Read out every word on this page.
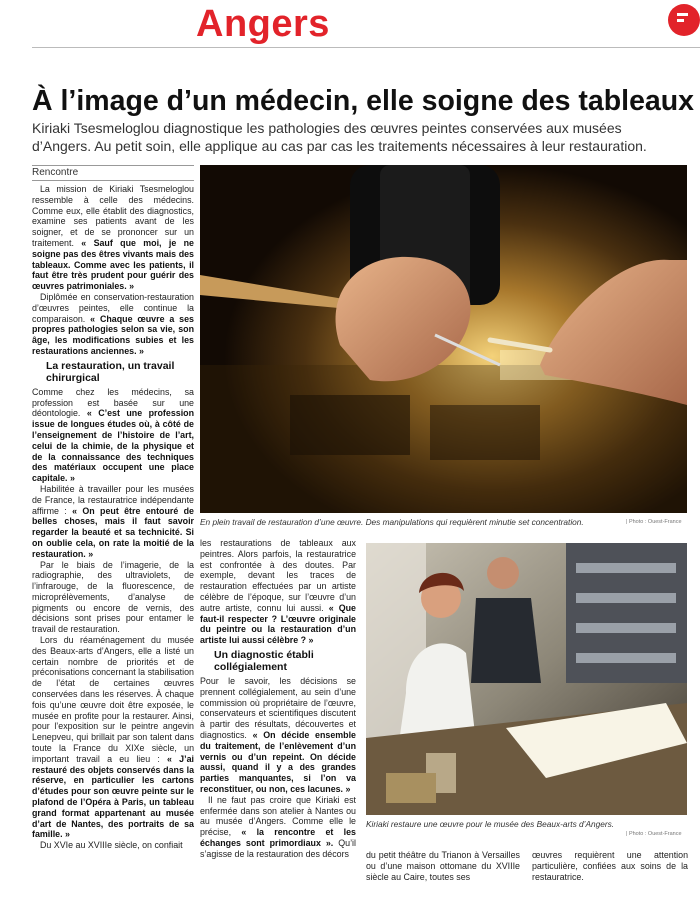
Angers
À l’image d’un médecin, elle soigne des tableaux
Kiriaki Tsesmeloglou diagnostique les pathologies des œuvres peintes conservées aux musées d’Angers. Au petit soin, elle applique au cas par cas les traitements nécessaires à leur restauration.
Rencontre

La mission de Kiriaki Tsesmeloglou ressemble à celle des médecins. Comme eux, elle établit des diagnostics, examine ses patients avant de les soigner, et de se prononcer sur un traitement. « Sauf que moi, je ne soigne pas des êtres vivants mais des tableaux. Comme avec les patients, il faut être très prudent pour guérir des œuvres patrimoniales. »

Diplômée en conservation-restauration d’œuvres peintes, elle continue la comparaison. « Chaque œuvre a ses propres pathologies selon sa vie, son âge, les modifications subies et les restaurations anciennes. »

La restauration, un travail chirurgical

Comme chez les médecins, sa profession est basée sur une déontologie. « C’est une profession issue de longues études où, à côté de l’enseignement de l’histoire de l’art, celui de la chimie, de la physique et de la connaissance des techniques des matériaux occupent une place capitale. »

Habilitée à travailler pour les musées de France, la restauratrice indépendante affirme : « On peut être entouré de belles choses, mais il faut savoir regarder la beauté et sa technicité. Si on oublie cela, on rate la moitié de la restauration. »

Par le biais de l’imagerie, de la radiographie, des ultraviolets, de l’infrarouge, de la fluorescence, de microprélèvements, d’analyse de pigments ou encore de vernis, des décisions sont prises pour entamer le travail de restauration.

Lors du réaménagement du musée des Beaux-arts d’Angers, elle a listé un certain nombre de priorités et de préconisations concernant la stabilisation de l’état de certaines œuvres conservées dans les réserves. À chaque fois qu’une œuvre doit être exposée, le musée en profite pour la restaurer. Ainsi, pour l’exposition sur le peintre angevin Lenepveu, qui brillait par son talent dans toute la France du XIXe siècle, un important travail a eu lieu : « J’ai restauré des objets conservés dans la réserve, en particulier les cartons d’études pour son œuvre peinte sur le plafond de l’Opéra à Paris, un tableau grand format appartenant au musée d’art de Nantes, des portraits de sa famille. »

Du XVIe au XVIIIe siècle, on confiait

En plein travail de restauration d’une œuvre. Des manipulations qui requièrent minutie set concentration.	| Photo : Ouest-France

les restaurations de tableaux aux peintres. Alors parfois, la restauratrice est confrontée à des doutes. Par exemple, devant les traces de restauration effectuées par un artiste célèbre de l’époque, sur l’œuvre d’un autre artiste, connu lui aussi. « Que faut-il respecter ? L’œuvre originale du peintre ou la restauration d’un artiste lui aussi célèbre ? »

Un diagnostic établi collégialement

Pour le savoir, les décisions se prennent collégialement, au sein d’une commission où propriétaire de l’œuvre, conservateurs et scientifiques discutent à partir des résultats, découvertes et diagnostics. « On décide ensemble du traitement, de l’enlèvement d’un vernis ou d’un repeint. On décide aussi, quand il y a des grandes parties manquantes, si l’on va reconstituer, ou non, ces lacunes. »

Il ne faut pas croire que Kiriaki est enfermée dans son atelier à Nantes ou au musée d’Angers. Comme elle le précise, « la rencontre et les échanges sont primordiaux ». Qu’il s’agisse de la restauration des décors

Kiriaki restaure une œuvre pour le musée des Beaux-arts d’Angers.
| Photo : Ouest-France

du petit théâtre du Trianon à Versailles ou d’une maison ottomane du XVIIIe siècle au Caire, toutes ses

œuvres requièrent une attention particulière, confiées aux soins de la restauratrice.
